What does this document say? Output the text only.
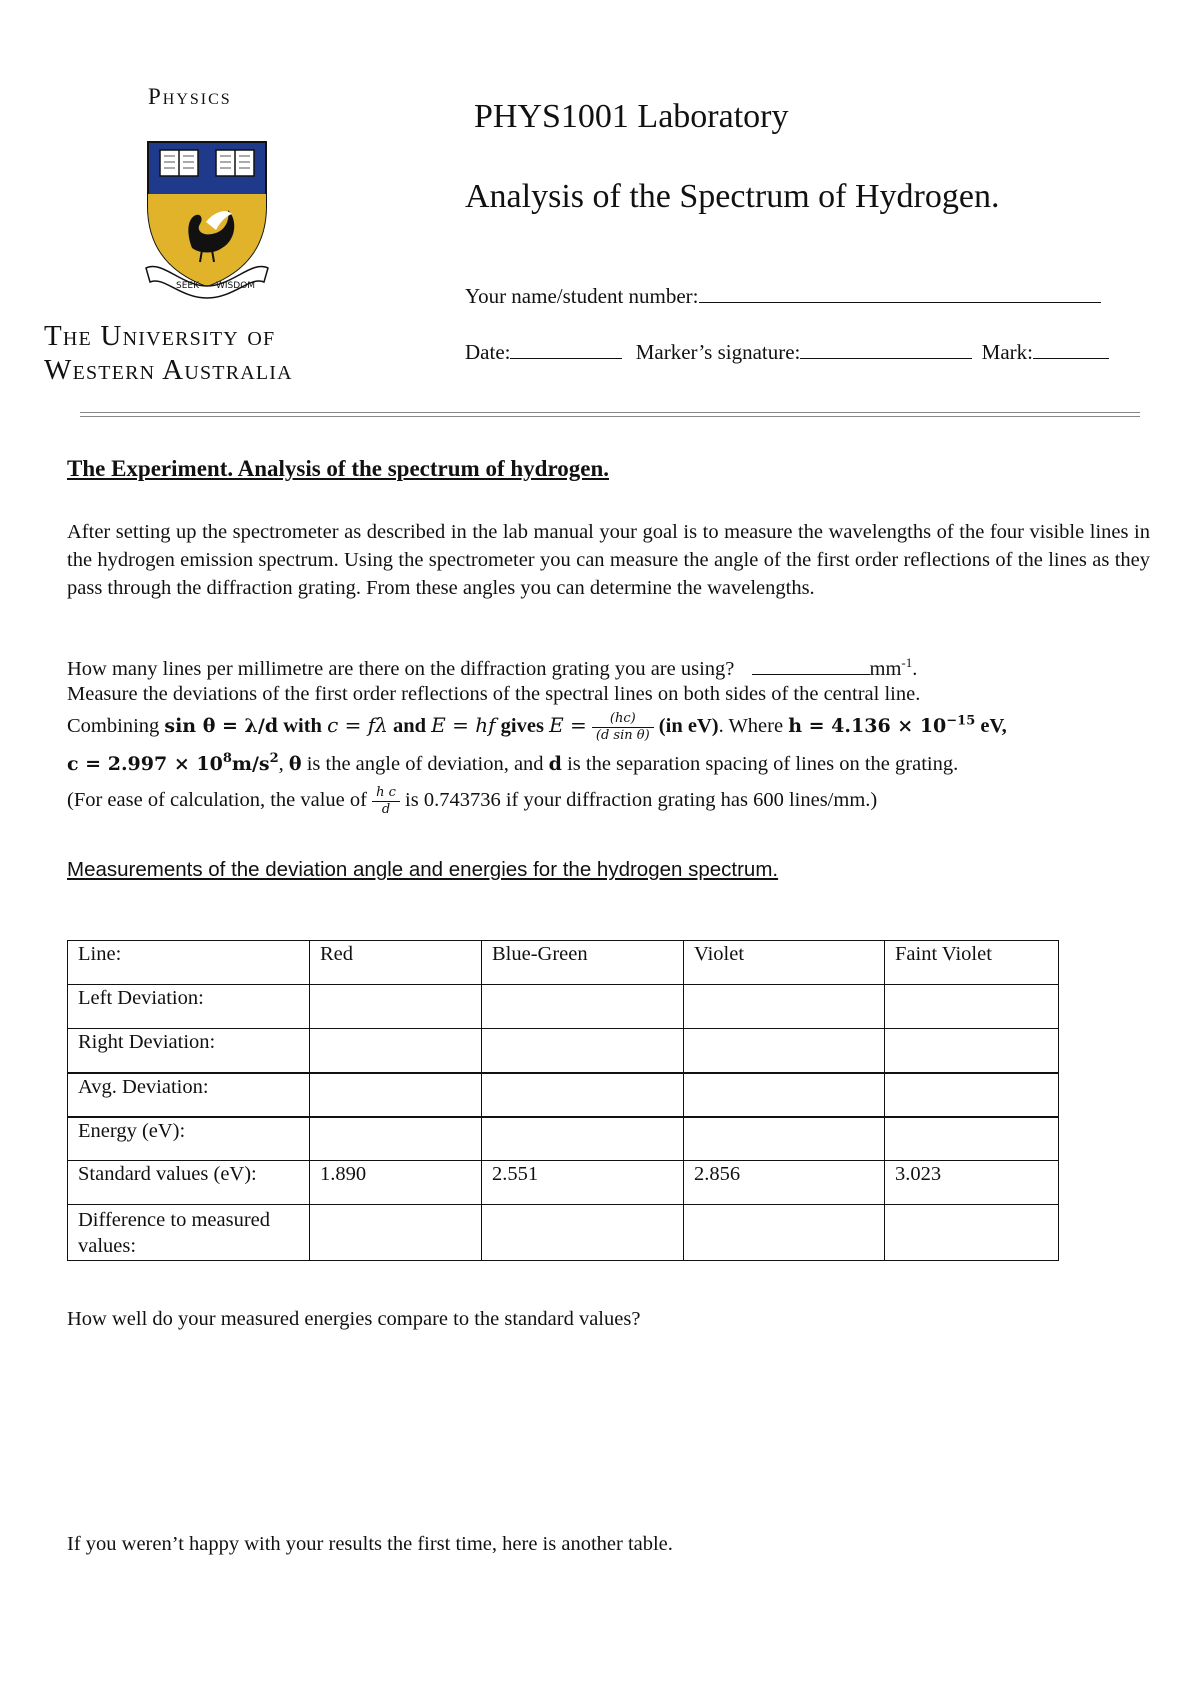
Physics
SEEK WISDOM
The University of
Western Australia
PHYS1001 Laboratory
Analysis of the Spectrum of Hydrogen.
Your name/student number:
Date:	Marker’s signature:	Mark:
The Experiment. Analysis of the spectrum of hydrogen.
After setting up the spectrometer as described in the lab manual your goal is to measure the wavelengths of the four visible lines in the hydrogen emission spectrum. Using the spectrometer you can measure the angle of the first order reflections of the lines as they pass through the diffraction grating. From these angles you can determine the wavelengths.
How many lines per millimetre are there on the diffraction grating you are using?	$mm^{-1}$.
Measure the deviations of the first order reflections of the spectral lines on both sides of the central line.
Combining sin θ = λ/d with c = fλ and E = hf gives $E = \frac{(hc)}{\text{(d sin θ)}} (in$ eV). Where $h = 4.136 \times 10^{-15}$ eV,
$c = 2.997 \times 10^8m/s^2$, θ is the angle of deviation, and d is the separation spacing of lines on the grating.
(For ease of calculation, the value of $\frac{\text{h c}}{d}$ is 0.743736 if your diffraction grating has 600 lines/mm.)
Measurements of the deviation angle and energies for the hydrogen spectrum.
Line:	Red	Blue-Green	Violet	Faint Violet
Left Deviation:				
Right Deviation:				
Avg. Deviation:				
Energy (eV):				
Standard values (eV):	1.890	2.551	2.856	3.023
Difference to measured values:				
How well do your measured energies compare to the standard values?
If you weren’t happy with your results the first time, here is another table.
